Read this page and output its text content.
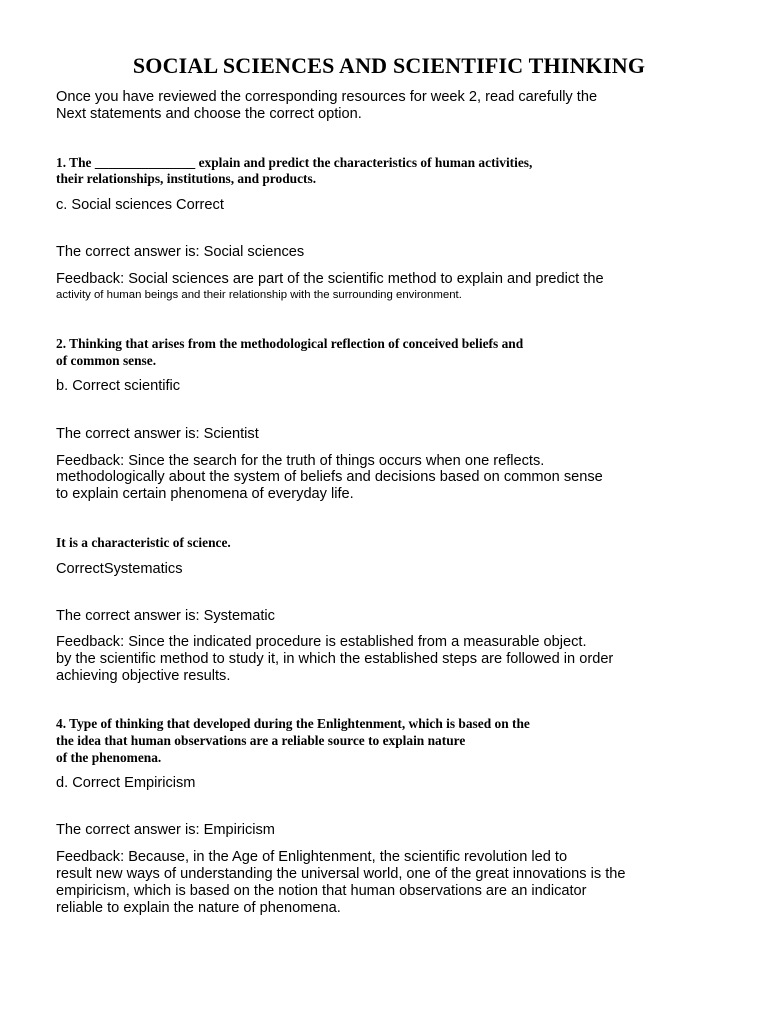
SOCIAL SCIENCES AND SCIENTIFIC THINKING
Once you have reviewed the corresponding resources for week 2, read carefully the
Next statements and choose the correct option.
1. The _______________ explain and predict the characteristics of human activities,
their relationships, institutions, and products.
c. Social sciences Correct
The correct answer is: Social sciences
Feedback: Social sciences are part of the scientific method to explain and predict the
activity of human beings and their relationship with the surrounding environment.
2. Thinking that arises from the methodological reflection of conceived beliefs and
of common sense.
b. Correct scientific
The correct answer is: Scientist
Feedback: Since the search for the truth of things occurs when one reflects.
methodologically about the system of beliefs and decisions based on common sense
to explain certain phenomena of everyday life.
It is a characteristic of science.
CorrectSystematics
The correct answer is: Systematic
Feedback: Since the indicated procedure is established from a measurable object.
by the scientific method to study it, in which the established steps are followed in order
achieving objective results.
4. Type of thinking that developed during the Enlightenment, which is based on the
the idea that human observations are a reliable source to explain nature
of the phenomena.
d. Correct Empiricism
The correct answer is: Empiricism
Feedback: Because, in the Age of Enlightenment, the scientific revolution led to
result new ways of understanding the universal world, one of the great innovations is the
empiricism, which is based on the notion that human observations are an indicator
reliable to explain the nature of phenomena.
